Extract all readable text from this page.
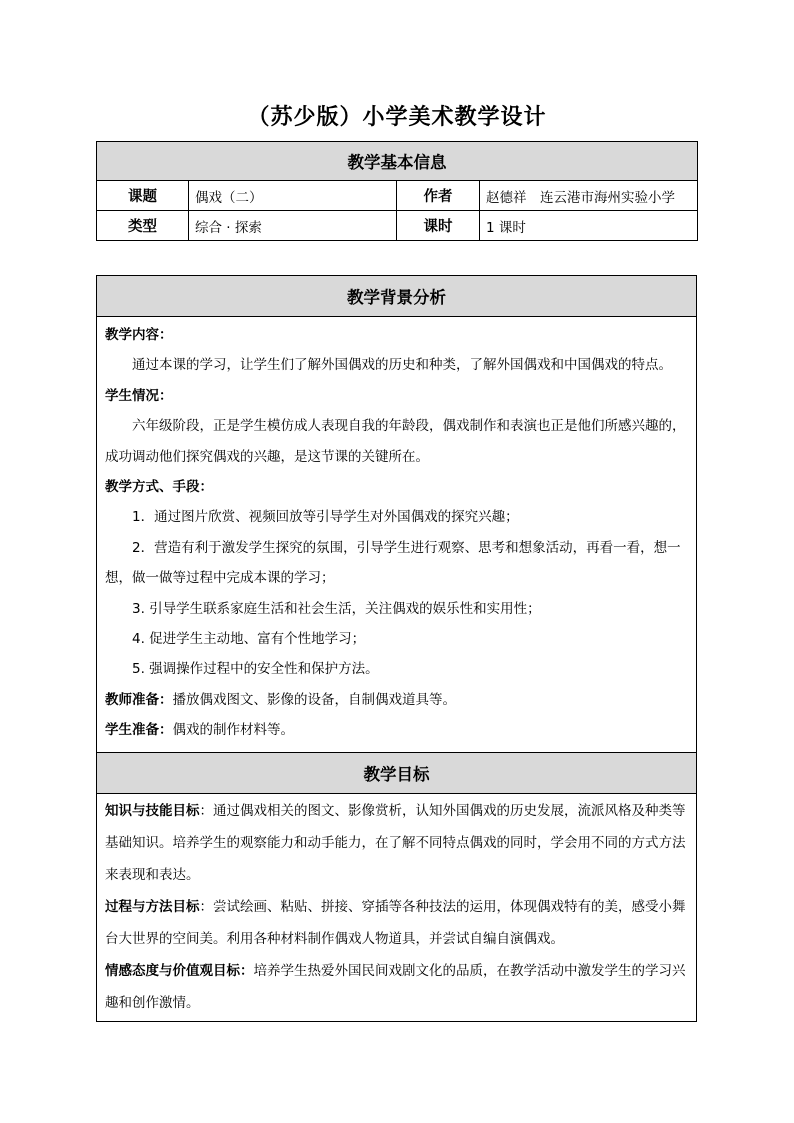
（苏少版）小学美术教学设计
教学基本信息			
课题	偶戏（二）	作者	赵德祥　连云港市海州实验小学
类型	综合 · 探索	课时	1 课时
教学背景分析

教学内容：

通过本课的学习，让学生们了解外国偶戏的历史和种类，了解外国偶戏和中国偶戏的特点。

学生情况：

六年级阶段，正是学生模仿成人表现自我的年龄段，偶戏制作和表演也正是他们所感兴趣的，成功调动他们探究偶戏的兴趣，是这节课的关键所在。

教学方式、手段：

1．通过图片欣赏、视频回放等引导学生对外国偶戏的探究兴趣；

2．营造有利于激发学生探究的氛围，引导学生进行观察、思考和想象活动，再看一看，想一想，做一做等过程中完成本课的学习；

3. 引导学生联系家庭生活和社会生活，关注偶戏的娱乐性和实用性；

4. 促进学生主动地、富有个性地学习；

5. 强调操作过程中的安全性和保护方法。

教师准备：播放偶戏图文、影像的设备，自制偶戏道具等。

学生准备：偶戏的制作材料等。

教学目标

知识与技能目标：通过偶戏相关的图文、影像赏析，认知外国偶戏的历史发展，流派风格及种类等基础知识。培养学生的观察能力和动手能力，在了解不同特点偶戏的同时，学会用不同的方式方法来表现和表达。

过程与方法目标：尝试绘画、粘贴、拼接、穿插等各种技法的运用，体现偶戏特有的美，感受小舞台大世界的空间美。利用各种材料制作偶戏人物道具，并尝试自编自演偶戏。

情感态度与价值观目标：培养学生热爱外国民间戏剧文化的品质，在教学活动中激发学生的学习兴趣和创作激情。
